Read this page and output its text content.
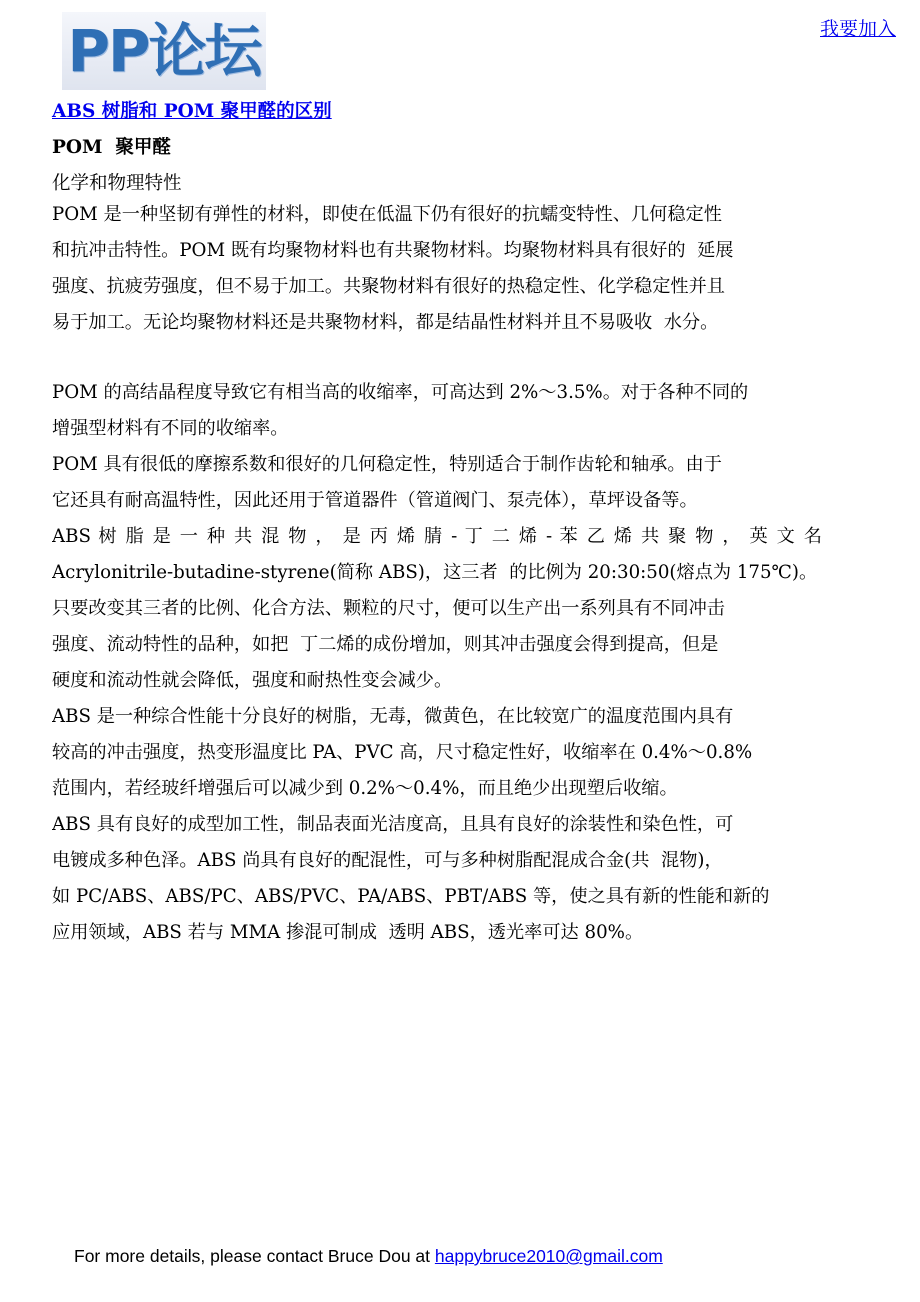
PP论坛	我要加入
ABS 树脂和 POM 聚甲醛的区别
POM  聚甲醛
化学和物理特性
POM 是一种坚韧有弹性的材料，即使在低温下仍有很好的抗蠕变特性、几何稳定性
和抗冲击特性。POM 既有均聚物材料也有共聚物材料。均聚物材料具有很好的  延展
强度、抗疲劳强度，但不易于加工。共聚物材料有很好的热稳定性、化学稳定性并且
易于加工。无论均聚物材料还是共聚物材料，都是结晶性材料并且不易吸收  水分。
POM 的高结晶程度导致它有相当高的收缩率，可高达到 2%～3.5%。对于各种不同的
增强型材料有不同的收缩率。
POM 具有很低的摩擦系数和很好的几何稳定性，特别适合于制作齿轮和轴承。由于
它还具有耐高温特性，因此还用于管道器件（管道阀门、泵壳体），草坪设备等。
ABS 树 脂 是 一 种 共 混 物 ， 是 丙 烯 腈 - 丁 二 烯 - 苯 乙 烯 共 聚 物 ， 英 文 名
Acrylonitrile-butadine-styrene(简称 ABS)，这三者  的比例为 20:30:50(熔点为 175℃)。
只要改变其三者的比例、化合方法、颗粒的尺寸，便可以生产出一系列具有不同冲击
强度、流动特性的品种，如把  丁二烯的成份增加，则其冲击强度会得到提高，但是
硬度和流动性就会降低，强度和耐热性变会减少。
ABS 是一种综合性能十分良好的树脂，无毒，微黄色，在比较宽广的温度范围内具有
较高的冲击强度，热变形温度比 PA、PVC 高，尺寸稳定性好，收缩率在 0.4%～0.8%
范围内，若经玻纤增强后可以减少到 0.2%～0.4%，而且绝少出现塑后收缩。
ABS 具有良好的成型加工性，制品表面光洁度高，且具有良好的涂装性和染色性，可
电镀成多种色泽。ABS 尚具有良好的配混性，可与多种树脂配混成合金(共  混物)，
如 PC/ABS、ABS/PC、ABS/PVC、PA/ABS、PBT/ABS 等，使之具有新的性能和新的
应用领域，ABS 若与 MMA 掺混可制成  透明 ABS，透光率可达 80%。
For more details, please contact Bruce Dou at happybruce2010@gmail.com
